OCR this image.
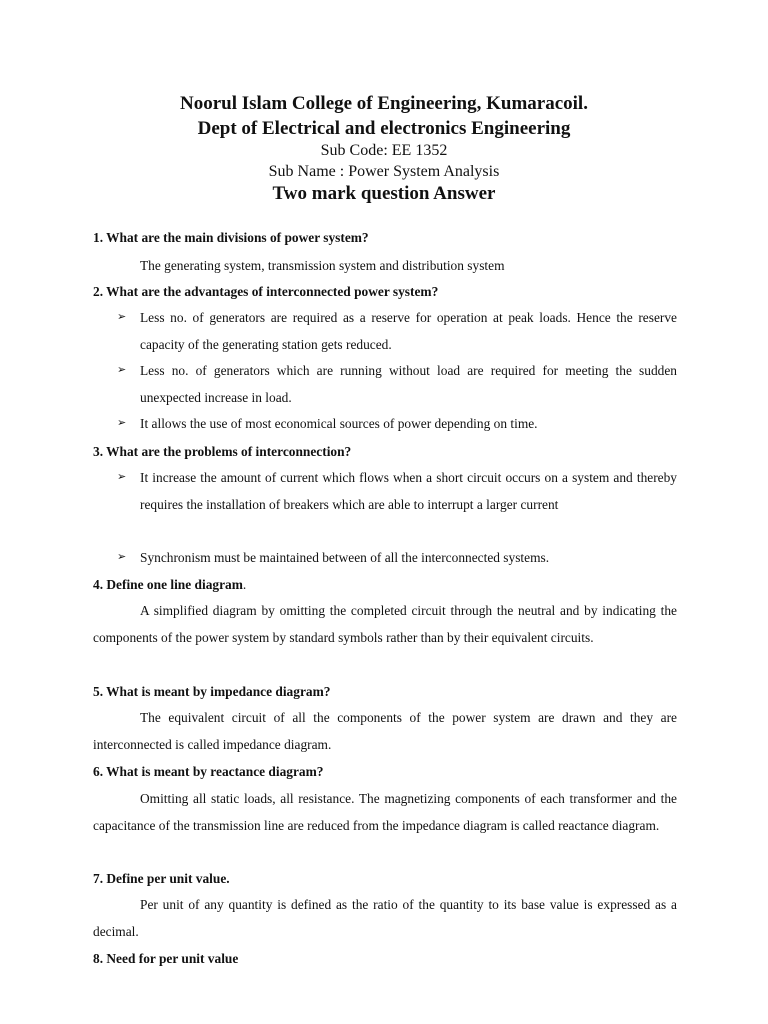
Noorul Islam College of Engineering, Kumaracoil.
Dept of Electrical and electronics Engineering
Sub Code: EE 1352
Sub Name : Power System Analysis
Two mark question Answer
1. What are the main divisions of power system?
The generating system, transmission system and distribution system
2. What are the advantages of interconnected power system?
➢ Less no. of generators are required as a reserve for operation at peak loads. Hence the reserve capacity of the generating station gets reduced.
➢ Less no. of generators which are running without load are required for meeting the sudden unexpected increase in load.
➢ It allows the use of most economical sources of power depending on time.
3. What are the problems of interconnection?
➢ It increase the amount of current which flows when a short circuit occurs on a system and thereby requires the installation of breakers which are able to interrupt a larger current
➢ Synchronism must be maintained between of all the interconnected systems.
4. Define one line diagram.
A simplified diagram by omitting the completed circuit through the neutral and by indicating the components of the power system by standard symbols rather than by their equivalent circuits.
5. What is meant by impedance diagram?
The equivalent circuit of all the components of the power system are drawn and they are interconnected is called impedance diagram.
6. What is meant by reactance diagram?
Omitting all static loads, all resistance. The magnetizing components of each transformer and the capacitance of the transmission line are reduced from the impedance diagram is called reactance diagram.
7. Define per unit value.
Per unit of any quantity is defined as the ratio of the quantity to its base value is expressed as a decimal.
8. Need for per unit value
